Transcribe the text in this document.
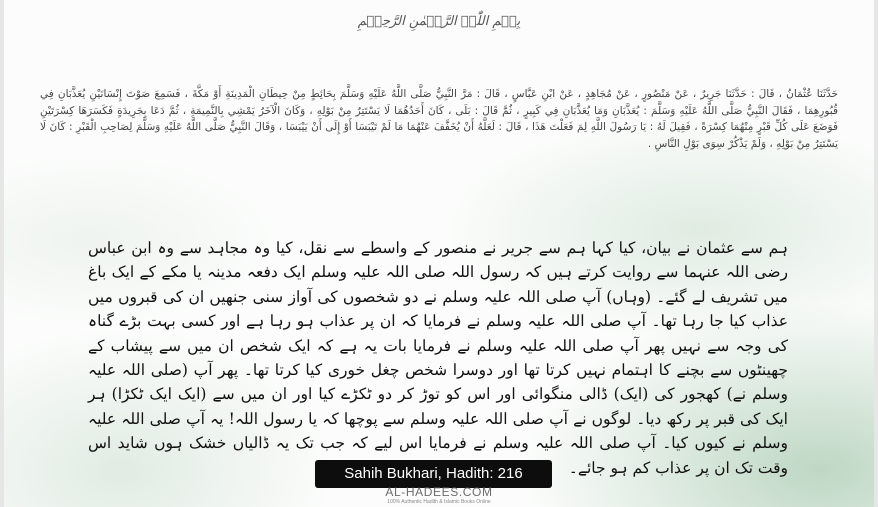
بِسۡمِ اللّٰہِ الرَّحۡمٰنِ الرَّحِیۡمِ

حَدَّثَنَا عُثْمَانُ ، قَالَ : حَدَّثَنَا جَرِيرٌ ، عَنْ مَنْصُورٍ ، عَنْ مُجَاهِدٍ ، عَنْ ابْنِ عَبَّاسٍ ، قَالَ : مَرَّ النَّبِيُّ صَلَّى اللَّهُ عَلَيْهِ وَسَلَّمَ بِحَائِطٍ مِنْ حِيطَانِ الْمَدِينَةِ أَوْ مَكَّةَ ، فَسَمِعَ صَوْتَ إِنْسَانَيْنِ يُعَذَّبَانِ فِي قُبُورِهِمَا ، فَقَالَ النَّبِيُّ صَلَّى اللَّهُ عَلَيْهِ وَسَلَّمَ : يُعَذَّبَانِ وَمَا يُعَذَّبَانِ فِي كَبِيرٍ ، ثُمَّ قَالَ : بَلَى ، كَانَ أَحَدُهُمَا لَا يَسْتَتِرُ مِنْ بَوْلِهِ ، وَكَانَ الْآخَرُ يَمْشِي بِالنَّمِيمَةِ ، ثُمَّ دَعَا بِجَرِيدَةٍ فَكَسَرَهَا كِسْرَتَيْنِ فَوَضَعَ عَلَى كُلِّ قَبْرٍ مِنْهُمَا كِسْرَةً ، فَقِيلَ لَهُ : يَا رَسُولَ اللَّهِ لِمَ فَعَلْتَ هَذَا ، قَالَ : لَعَلَّهُ أَنْ يُخَفَّفَ عَنْهُمَا مَا لَمْ تَيْبَسَا أَوْ إِلَى أَنْ يَيْبَسَا ، وَقَالَ النَّبِيُّ صَلَّى اللَّهُ عَلَيْهِ وَسَلَّمَ لِصَاحِبِ الْقَبْرِ : كَانَ لَا يَسْتَتِرُ مِنْ بَوْلِهِ ، وَلَمْ يَذْكُرْ سِوَى بَوْلِ النَّاسِ .

ہم سے عثمان نے بیان، کیا کہا ہم سے جریر نے منصور کے واسطے سے نقل، کیا وہ مجاہد سے وہ ابن عباس رضی اللہ عنہما سے روایت کرتے ہیں کہ رسول اللہ صلی اللہ علیہ وسلم ایک دفعہ مدینہ یا مکے کے ایک باغ میں تشریف لے گئے۔ (وہاں) آپ صلی اللہ علیہ وسلم نے دو شخصوں کی آواز سنی جنھیں ان کی قبروں میں عذاب کیا جا رہا تھا۔ آپ صلی اللہ علیہ وسلم نے فرمایا کہ ان پر عذاب ہو رہا ہے اور کسی بہت بڑے گناہ کی وجہ سے نہیں پھر آپ صلی اللہ علیہ وسلم نے فرمایا بات یہ ہے کہ ایک شخص ان میں سے پیشاب کے چھینٹوں سے بچنے کا اہتمام نہیں کرتا تھا اور دوسرا شخص چغل خوری کیا کرتا تھا۔ پھر آپ (صلی اللہ علیہ وسلم نے) کھجور کی (ایک) ڈالی منگوائی اور اس کو توڑ کر دو ٹکڑے کیا اور ان میں سے (ایک ایک ٹکڑا) ہر ایک کی قبر پر رکھ دیا۔ لوگوں نے آپ صلی اللہ علیہ وسلم سے پوچھا کہ یا رسول اللہ! یہ آپ صلی اللہ علیہ وسلم نے کیوں کیا۔ آپ صلی اللہ علیہ وسلم نے فرمایا اس لیے کہ جب تک یہ ڈالیاں خشک ہوں شاید اس وقت تک ان پر عذاب کم ہو جائے۔

Sahih Bukhari, Hadith: 216
AL-HADEES.COM
100% Authentic Hadith & Islamic Books Online
